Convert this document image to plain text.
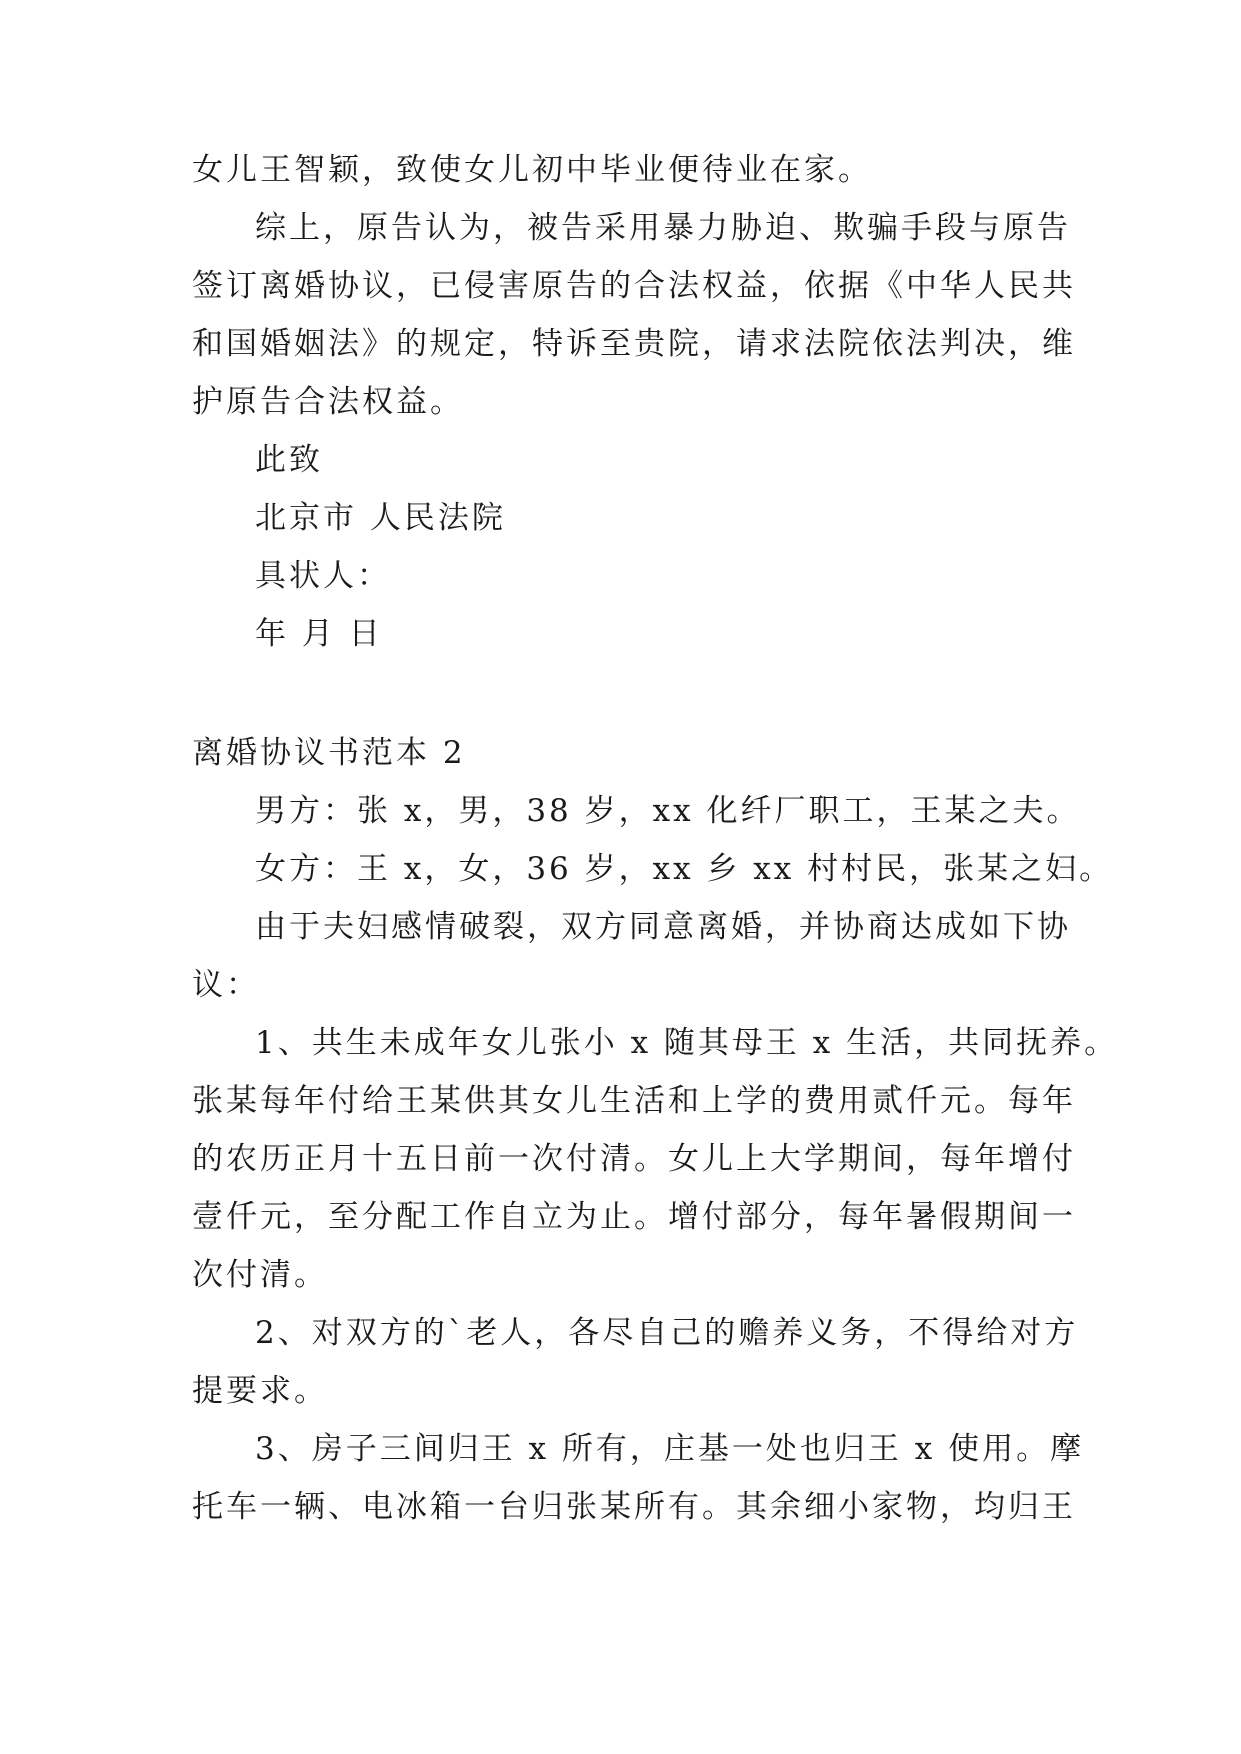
女儿王智颖，致使女儿初中毕业便待业在家。
综上，原告认为，被告采用暴力胁迫、欺骗手段与原告
签订离婚协议，已侵害原告的合法权益，依据《中华人民共
和国婚姻法》的规定，特诉至贵院，请求法院依法判决，维
护原告合法权益。
此致
北京市 人民法院
具状人：
年 月 日
离婚协议书范本 2
男方：张 x，男，38 岁，xx 化纤厂职工，王某之夫。
女方：王 x，女，36 岁，xx 乡 xx 村村民，张某之妇。
由于夫妇感情破裂，双方同意离婚，并协商达成如下协
议：
1、共生未成年女儿张小 x 随其母王 x 生活，共同抚养。
张某每年付给王某供其女儿生活和上学的费用贰仟元。每年
的农历正月十五日前一次付清。女儿上大学期间，每年增付
壹仟元，至分配工作自立为止。增付部分，每年暑假期间一
次付清。
2、对双方的`老人，各尽自己的赡养义务，不得给对方
提要求。
3、房子三间归王 x 所有，庄基一处也归王 x 使用。摩
托车一辆、电冰箱一台归张某所有。其余细小家物，均归王
